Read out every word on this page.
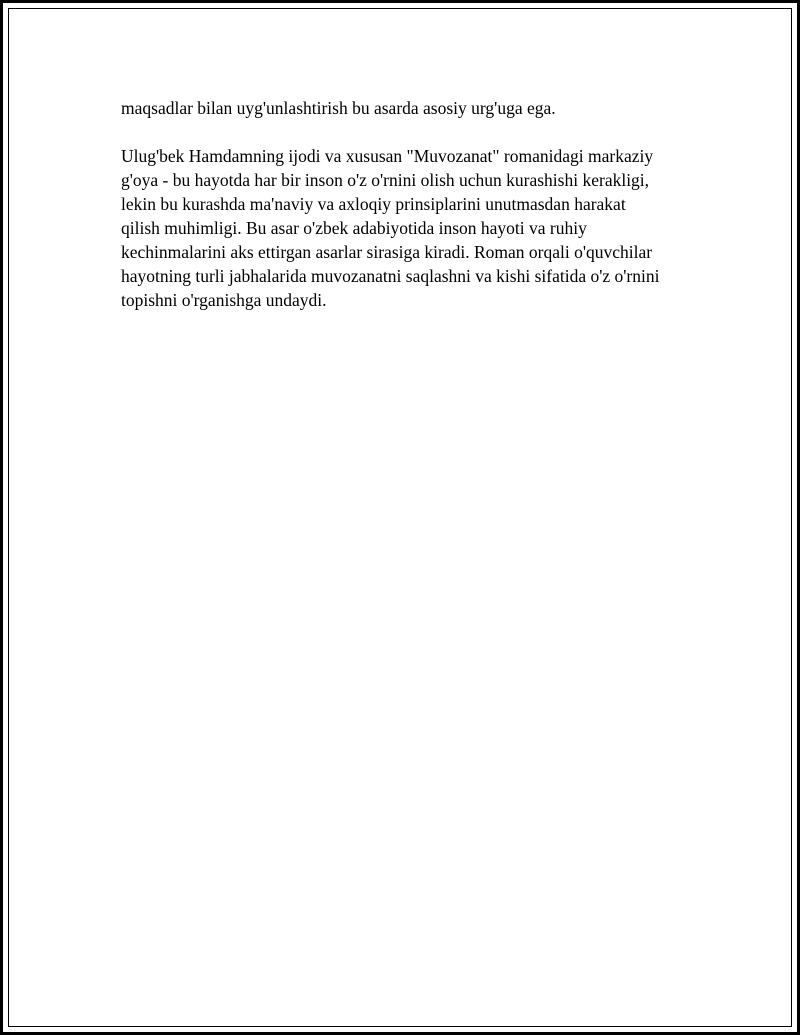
maqsadlar bilan uyg'unlashtirish bu asarda asosiy urg'uga ega.

Ulug'bek Hamdamning ijodi va xususan "Muvozanat" romanidagi markaziy
g'oya - bu hayotda har bir inson o'z o'rnini olish uchun kurashishi kerakligi,
lekin bu kurashda ma'naviy va axloqiy prinsiplarini unutmasdan harakat
qilish muhimligi. Bu asar o'zbek adabiyotida inson hayoti va ruhiy
kechinmalarini aks ettirgan asarlar sirasiga kiradi. Roman orqali o'quvchilar
hayotning turli jabhalarida muvozanatni saqlashni va kishi sifatida o'z o'rnini
topishni o'rganishga undaydi.
